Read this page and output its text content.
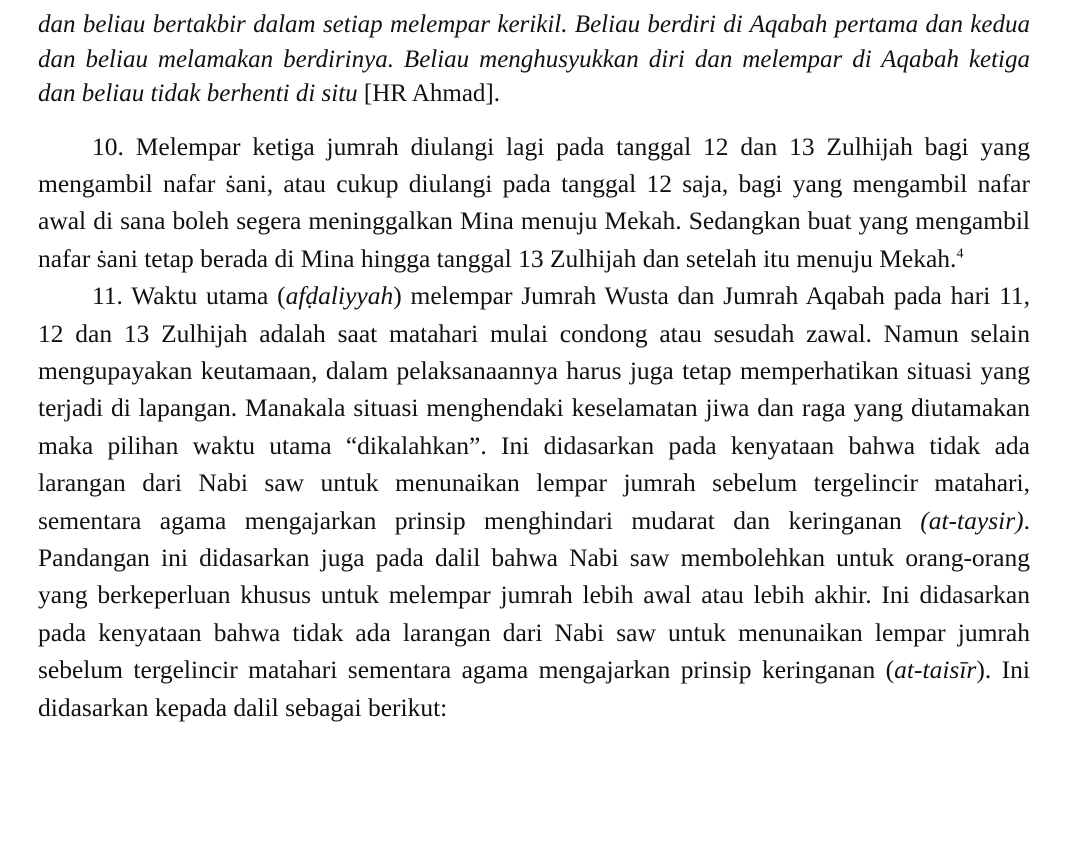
dan beliau bertakbir dalam setiap melempar kerikil. Beliau berdiri di Aqabah pertama dan kedua dan beliau melamakan berdirinya. Beliau menghusyukkan diri dan melempar di Aqabah ketiga dan beliau tidak berhenti di situ [HR Ahmad].

10. Melempar ketiga jumrah diulangi lagi pada tanggal 12 dan 13 Zulhijah bagi yang mengambil nafar ṡani, atau cukup diulangi pada tanggal 12 saja, bagi yang mengambil nafar awal di sana boleh segera meninggalkan Mina menuju Mekah. Sedangkan buat yang mengambil nafar ṡani tetap berada di Mina hingga tanggal 13 Zulhijah dan setelah itu menuju Mekah.$^4$

11. Waktu utama (afḍaliyyah) melempar Jumrah Wusta dan Jumrah Aqabah pada hari 11, 12 dan 13 Zulhijah adalah saat matahari mulai condong atau sesudah zawal. Namun selain mengupayakan keutamaan, dalam pelaksanaannya harus juga tetap memperhatikan situasi yang terjadi di lapangan. Manakala situasi menghendaki keselamatan jiwa dan raga yang diutamakan maka pilihan waktu utama “dikalahkan”. Ini didasarkan pada kenyataan bahwa tidak ada larangan dari Nabi saw untuk menunaikan lempar jumrah sebelum tergelincir matahari, sementara agama mengajarkan prinsip menghindari mudarat dan keringanan (at-taysir). Pandangan ini didasarkan juga pada dalil bahwa Nabi saw membolehkan untuk orang-orang yang berkeperluan khusus untuk melempar jumrah lebih awal atau lebih akhir. Ini didasarkan pada kenyataan bahwa tidak ada larangan dari Nabi saw untuk menunaikan lempar jumrah sebelum tergelincir matahari sementara agama mengajarkan prinsip keringanan (at-taisīr). Ini didasarkan kepada dalil sebagai berikut:
